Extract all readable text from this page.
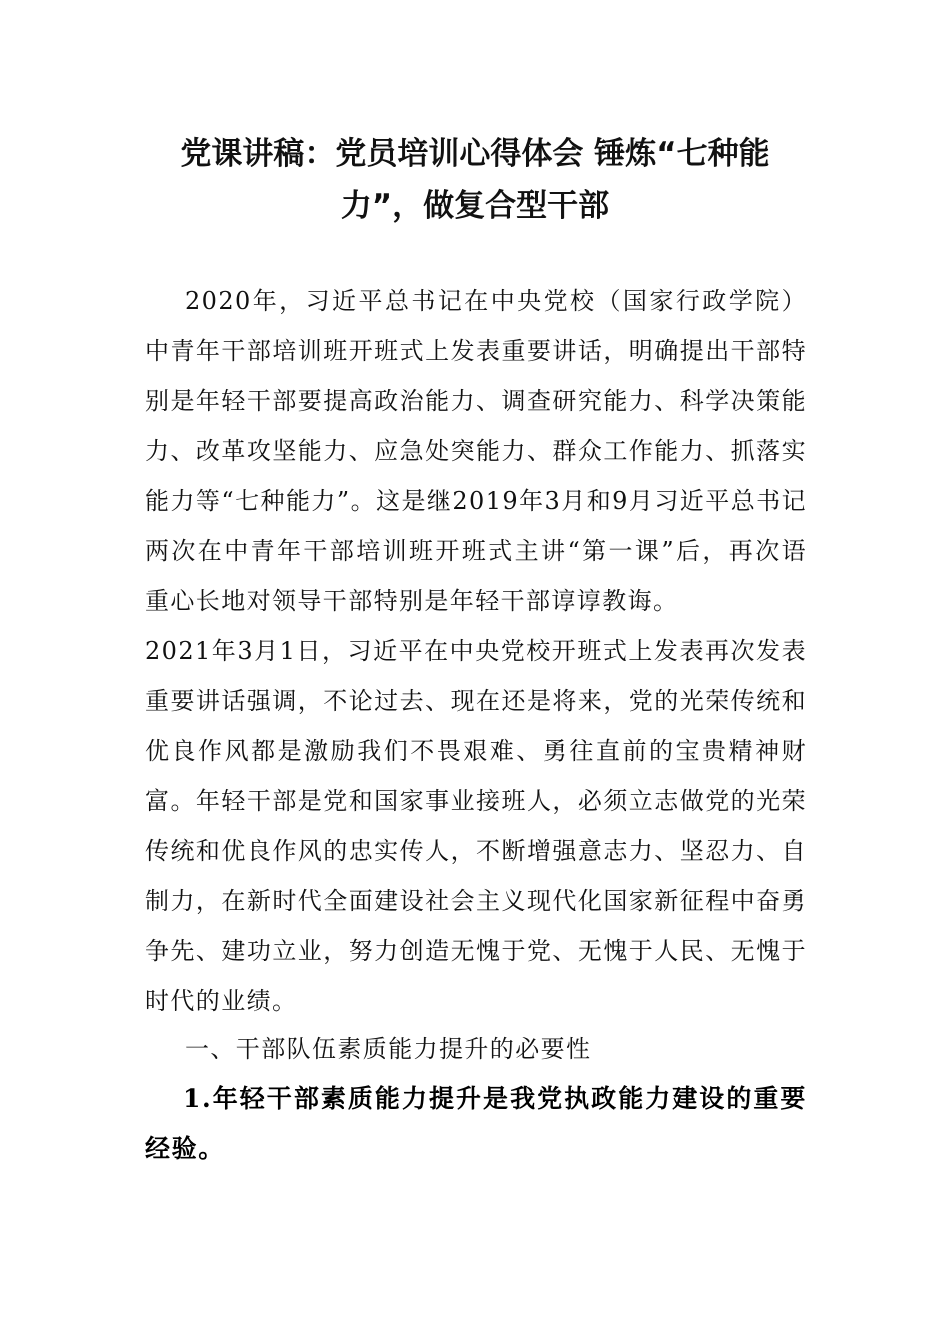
党课讲稿：党员培训心得体会 锤炼“七种能
力”，做复合型干部

2020年，习近平总书记在中央党校（国家行政学院）中青年干部培训班开班式上发表重要讲话，明确提出干部特别是年轻干部要提高政治能力、调查研究能力、科学决策能力、改革攻坚能力、应急处突能力、群众工作能力、抓落实能力等“七种能力”。这是继2019年3月和9月习近平总书记两次在中青年干部培训班开班式主讲“第一课”后，再次语重心长地对领导干部特别是年轻干部谆谆教诲。

2021年3月1日，习近平在中央党校开班式上发表再次发表重要讲话强调，不论过去、现在还是将来，党的光荣传统和优良作风都是激励我们不畏艰难、勇往直前的宝贵精神财富。年轻干部是党和国家事业接班人，必须立志做党的光荣传统和优良作风的忠实传人，不断增强意志力、坚忍力、自制力，在新时代全面建设社会主义现代化国家新征程中奋勇争先、建功立业，努力创造无愧于党、无愧于人民、无愧于时代的业绩。

一、干部队伍素质能力提升的必要性

1.年轻干部素质能力提升是我党执政能力建设的重要经验。
